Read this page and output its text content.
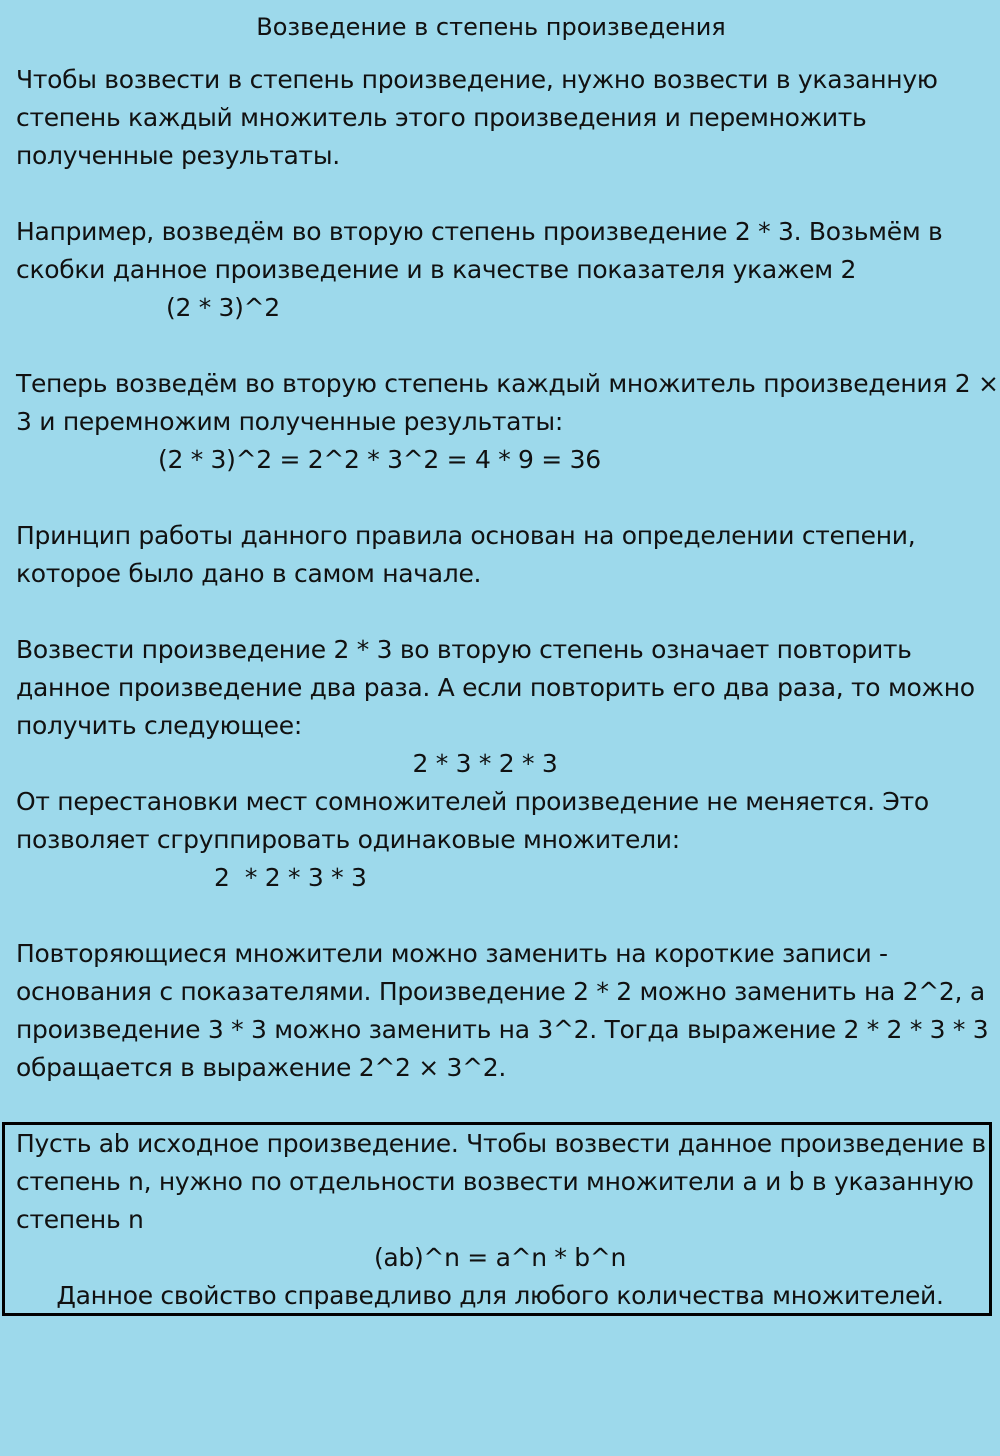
Возведение в степень произведения
Чтобы возвести в степень произведение, нужно возвести в указанную
степень каждый множитель этого произведения и перемножить
полученные результаты.
Например, возведём во вторую степень произведение 2 * 3. Возьмём в
скобки данное произведение и в качестве показателя укажем 2
(2 * 3)^2
Теперь возведём во вторую степень каждый множитель произведения 2 ×
3 и перемножим полученные результаты:
(2 * 3)^2 = 2^2 * 3^2 = 4 * 9 = 36
Принцип работы данного правила основан на определении степени,
которое было дано в самом начале.
Возвести произведение 2 * 3 во вторую степень означает повторить
данное произведение два раза. А если повторить его два раза, то можно
получить следующее:
2 * 3 * 2 * 3
От перестановки мест сомножителей произведение не меняется. Это
позволяет сгруппировать одинаковые множители:
2  * 2 * 3 * 3
Повторяющиеся множители можно заменить на короткие записи -
основания с показателями. Произведение 2 * 2 можно заменить на 2^2, а
произведение 3 * 3 можно заменить на 3^2. Тогда выражение 2 * 2 * 3 * 3
обращается в выражение 2^2 × 3^2.
Пусть ab исходное произведение. Чтобы возвести данное произведение в
степень n, нужно по отдельности возвести множители a и b в указанную
степень n
(ab)^n = a^n * b^n
Данное свойство справедливо для любого количества множителей.
